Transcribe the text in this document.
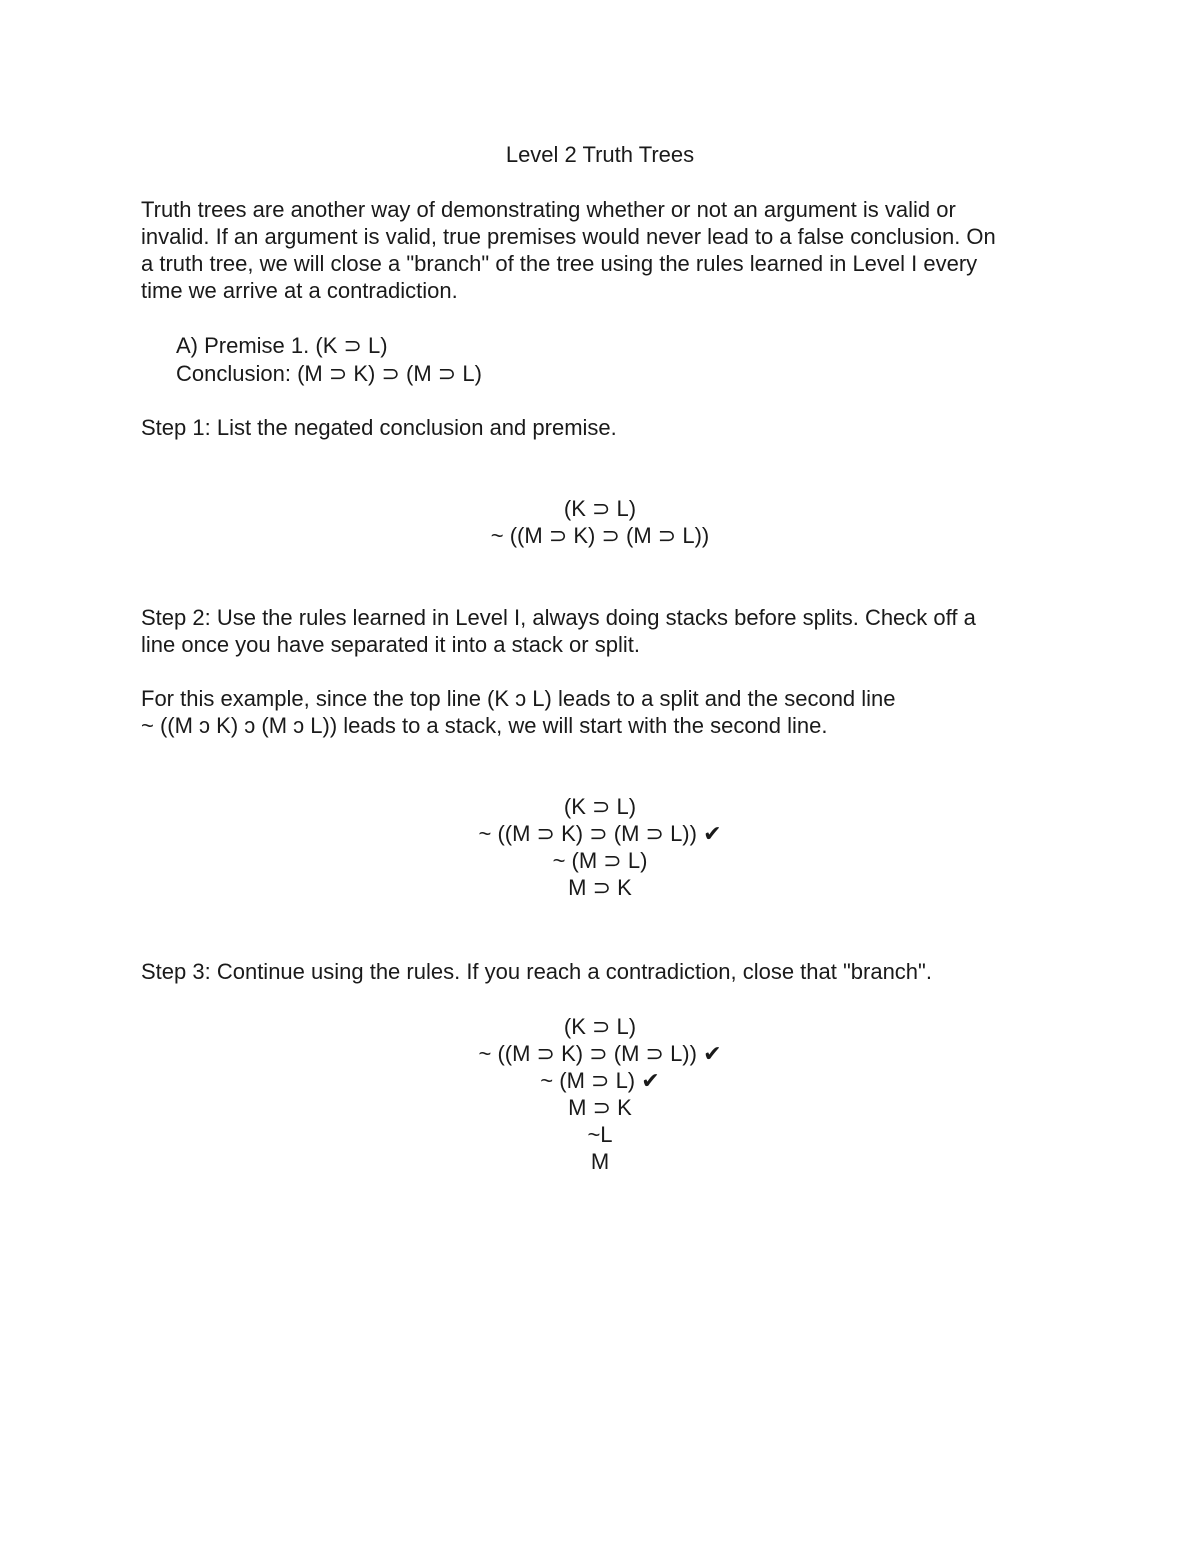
Level 2 Truth Trees
Truth trees are another way of demonstrating whether or not an argument is valid or
invalid. If an argument is valid, true premises would never lead to a false conclusion. On
a truth tree, we will close a "branch" of the tree using the rules learned in Level I every
time we arrive at a contradiction.
A) Premise 1. (K ⊃ L)
Conclusion: (M ⊃ K) ⊃ (M ⊃ L)
Step 1: List the negated conclusion and premise.
(K ⊃ L)
~ ((M ⊃ K) ⊃ (M ⊃ L))
Step 2: Use the rules learned in Level I, always doing stacks before splits. Check off a
line once you have separated it into a stack or split.
For this example, since the top line (K ɔ L) leads to a split and the second line
~ ((M ɔ K) ɔ (M ɔ L)) leads to a stack, we will start with the second line.
(K ⊃ L)
~ ((M ⊃ K) ⊃ (M ⊃ L)) ✔
~ (M ⊃ L)
M ⊃ K
Step 3: Continue using the rules. If you reach a contradiction, close that "branch".
(K ⊃ L)
~ ((M ⊃ K) ⊃ (M ⊃ L)) ✔
~ (M ⊃ L) ✔
M ⊃ K
~L
M
